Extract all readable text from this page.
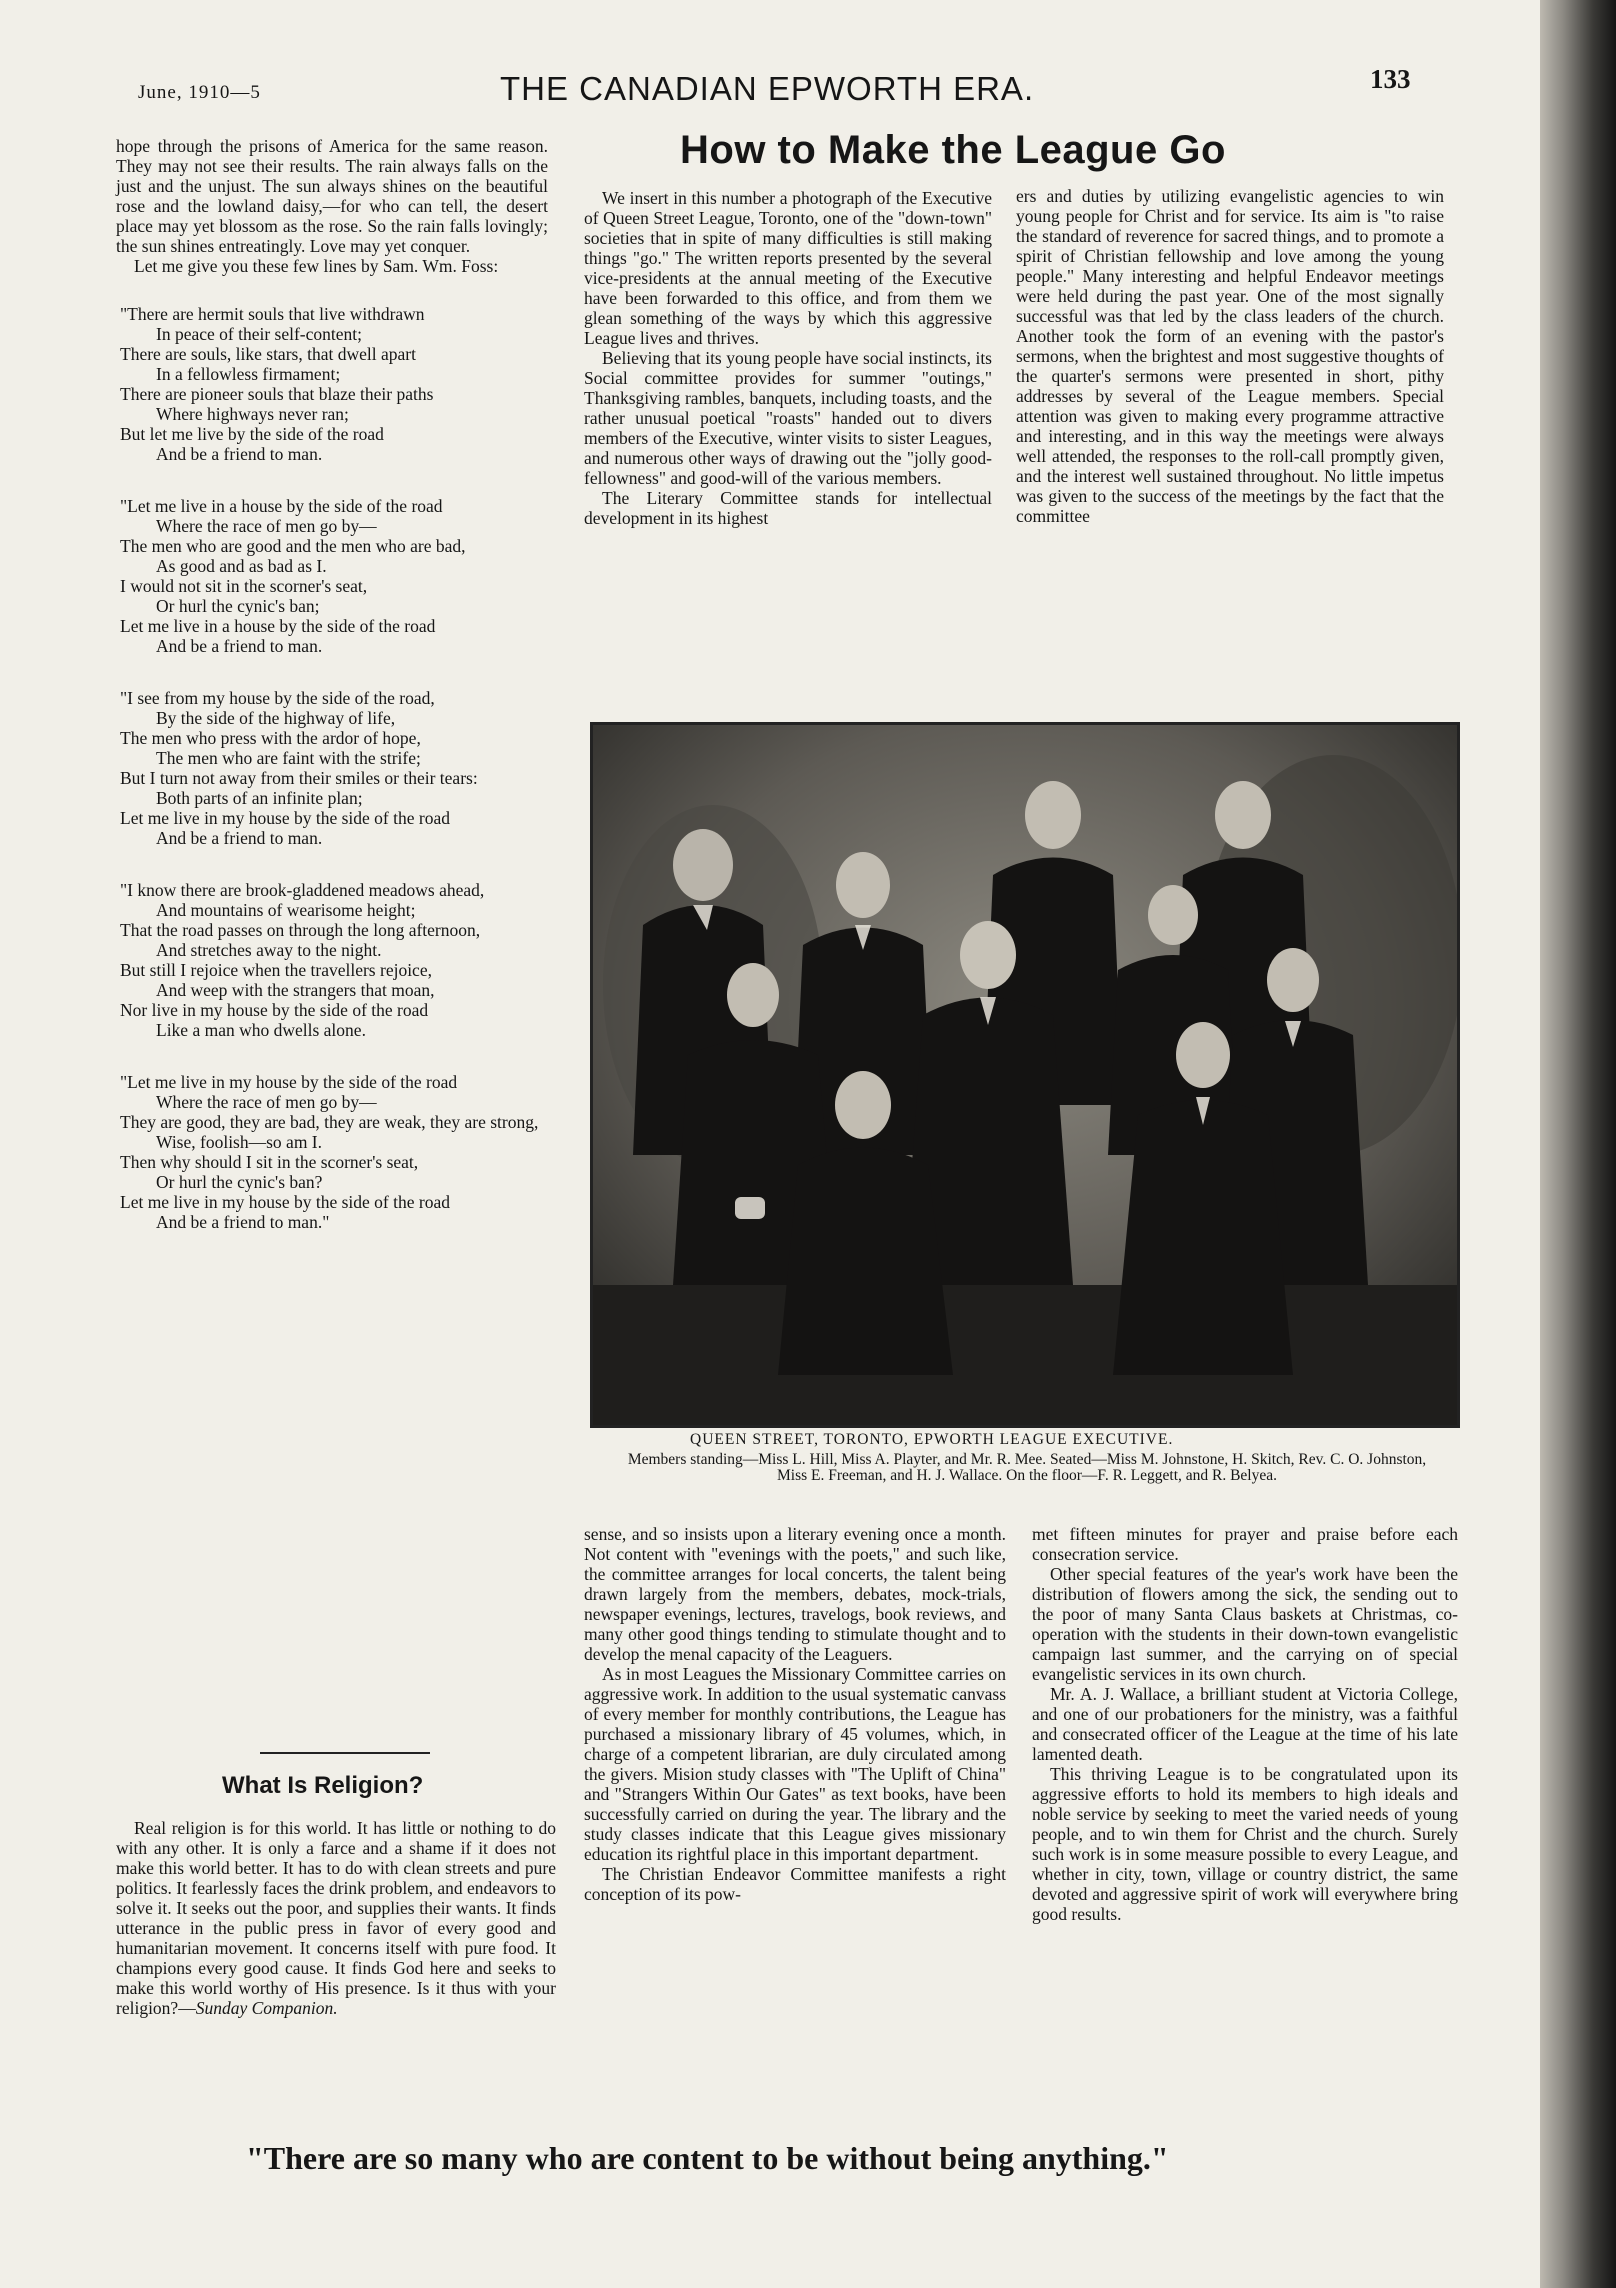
June, 1910—5	THE CANADIAN EPWORTH ERA.	133

hope through the prisons of America for the same reason. They may not see their results. The rain always falls on the just and the unjust. The sun always shines on the beautiful rose and the lowland daisy,—for who can tell, the desert place may yet blossom as the rose. So the rain falls lovingly; the sun shines entreatingly. Love may yet conquer.

Let me give you these few lines by Sam. Wm. Foss:

"There are hermit souls that live withdrawn
In peace of their self-content;
There are souls, like stars, that dwell apart
In a fellowless firmament;
There are pioneer souls that blaze their paths
Where highways never ran;
But let me live by the side of the road
And be a friend to man.
"Let me live in a house by the side of the road
Where the race of men go by—
The men who are good and the men who are bad,
As good and as bad as I.
I would not sit in the scorner's seat,
Or hurl the cynic's ban;
Let me live in a house by the side of the road
And be a friend to man.
"I see from my house by the side of the road,
By the side of the highway of life,
The men who press with the ardor of hope,
The men who are faint with the strife;
But I turn not away from their smiles or their tears:
Both parts of an infinite plan;
Let me live in my house by the side of the road
And be a friend to man.
"I know there are brook-gladdened meadows ahead,
And mountains of wearisome height;
That the road passes on through the long afternoon,
And stretches away to the night.
But still I rejoice when the travellers rejoice,
And weep with the strangers that moan,
Nor live in my house by the side of the road
Like a man who dwells alone.
"Let me live in my house by the side of the road
Where the race of men go by—
They are good, they are bad, they are weak, they are strong,
Wise, foolish—so am I.
Then why should I sit in the scorner's seat,
Or hurl the cynic's ban?
Let me live in my house by the side of the road
And be a friend to man."
What Is Religion?

Real religion is for this world. It has little or nothing to do with any other. It is only a farce and a shame if it does not make this world better. It has to do with clean streets and pure politics. It fearlessly faces the drink problem, and endeavors to solve it. It seeks out the poor, and supplies their wants. It finds utterance in the public press in favor of every good and humanitarian movement. It concerns itself with pure food. It champions every good cause. It finds God here and seeks to make this world worthy of His presence. Is it thus with your religion?—Sunday Companion.

How to Make the League Go

We insert in this number a photograph of the Executive of Queen Street League, Toronto, one of the "down-town" societies that in spite of many difficulties is still making things "go." The written reports presented by the several vice-presidents at the annual meeting of the Executive have been forwarded to this office, and from them we glean something of the ways by which this aggressive League lives and thrives.

Believing that its young people have social instincts, its Social committee provides for summer "outings," Thanksgiving rambles, banquets, including toasts, and the rather unusual poetical "roasts" handed out to divers members of the Executive, winter visits to sister Leagues, and numerous other ways of drawing out the "jolly good-fellowness" and good-will of the various members.

The Literary Committee stands for intellectual development in its highest

ers and duties by utilizing evangelistic agencies to win young people for Christ and for service. Its aim is "to raise the standard of reverence for sacred things, and to promote a spirit of Christian fellowship and love among the young people." Many interesting and helpful Endeavor meetings were held during the past year. One of the most signally successful was that led by the class leaders of the church. Another took the form of an evening with the pastor's sermons, when the brightest and most suggestive thoughts of the quarter's sermons were presented in short, pithy addresses by several of the League members. Special attention was given to making every programme attractive and interesting, and in this way the meetings were always well attended, the responses to the roll-call promptly given, and the interest well sustained throughout. No little impetus was given to the success of the meetings by the fact that the committee

QUEEN STREET, TORONTO, EPWORTH LEAGUE EXECUTIVE.
Members standing—Miss L. Hill, Miss A. Playter, and Mr. R. Mee. Seated—Miss M. Johnstone, H. Skitch, Rev. C. O. Johnston, Miss E. Freeman, and H. J. Wallace. On the floor—F. R. Leggett, and R. Belyea.

sense, and so insists upon a literary evening once a month. Not content with "evenings with the poets," and such like, the committee arranges for local concerts, the talent being drawn largely from the members, debates, mock-trials, newspaper evenings, lectures, travelogs, book reviews, and many other good things tending to stimulate thought and to develop the menal capacity of the Leaguers.

As in most Leagues the Missionary Committee carries on aggressive work. In addition to the usual systematic canvass of every member for monthly contributions, the League has purchased a missionary library of 45 volumes, which, in charge of a competent librarian, are duly circulated among the givers. Mision study classes with "The Uplift of China" and "Strangers Within Our Gates" as text books, have been successfully carried on during the year. The library and the study classes indicate that this League gives missionary education its rightful place in this important department.

The Christian Endeavor Committee manifests a right conception of its pow-

met fifteen minutes for prayer and praise before each consecration service.

Other special features of the year's work have been the distribution of flowers among the sick, the sending out to the poor of many Santa Claus baskets at Christmas, co-operation with the students in their down-town evangelistic campaign last summer, and the carrying on of special evangelistic services in its own church.

Mr. A. J. Wallace, a brilliant student at Victoria College, and one of our probationers for the ministry, was a faithful and consecrated officer of the League at the time of his late lamented death.

This thriving League is to be congratulated upon its aggressive efforts to hold its members to high ideals and noble service by seeking to meet the varied needs of young people, and to win them for Christ and the church. Surely such work is in some measure possible to every League, and whether in city, town, village or country district, the same devoted and aggressive spirit of work will everywhere bring good results.

"There are so many who are content to be without being anything."
